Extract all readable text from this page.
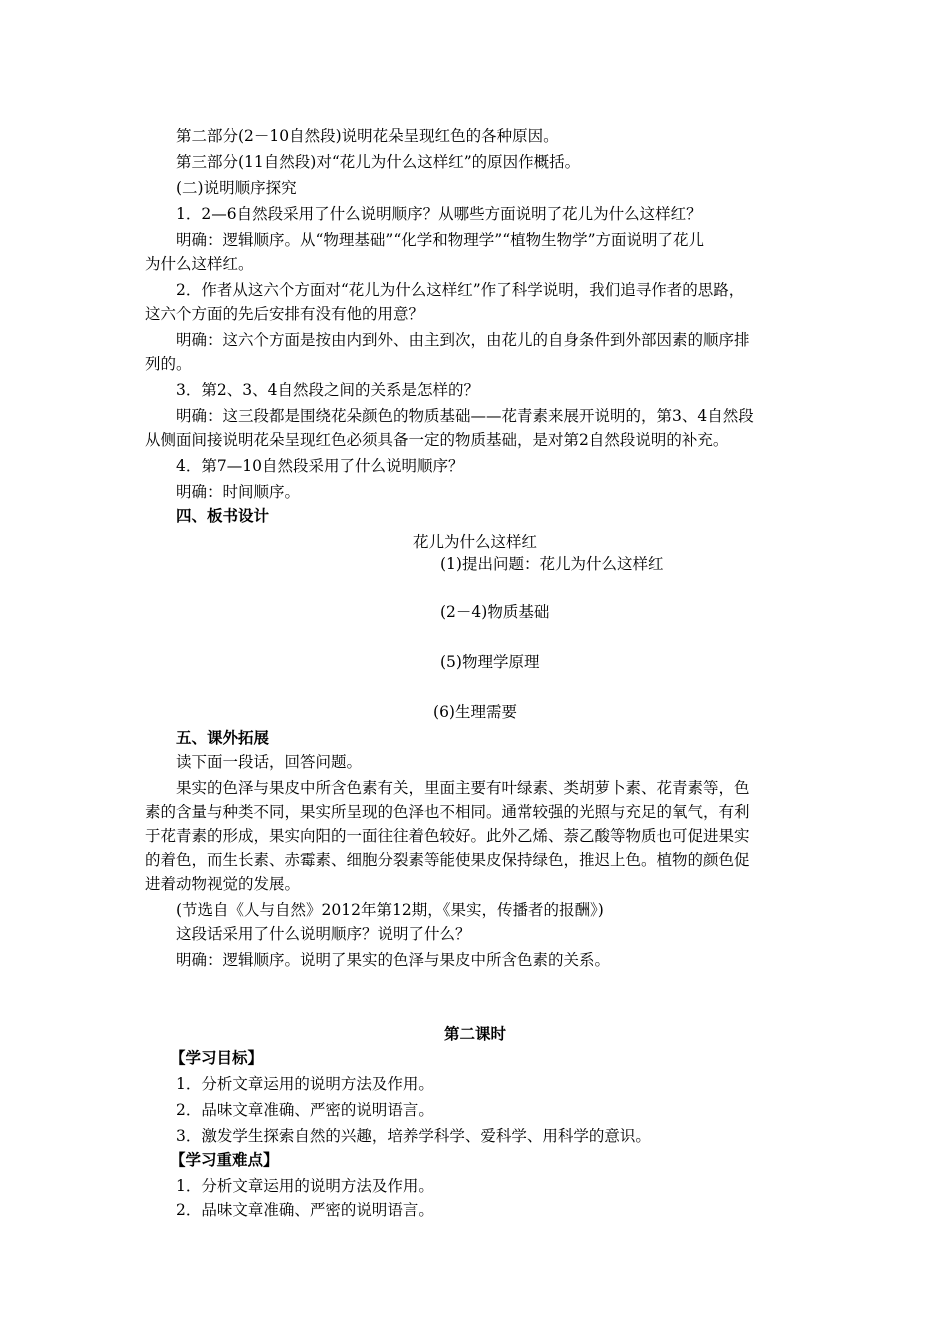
第二部分(2－10自然段)说明花朵呈现红色的各种原因。
第三部分(11自然段)对“花儿为什么这样红”的原因作概括。
(二)说明顺序探究
1．2—6自然段采用了什么说明顺序？从哪些方面说明了花儿为什么这样红？
明确：逻辑顺序。从“物理基础”“化学和物理学”“植物生物学”方面说明了花儿
为什么这样红。
2．作者从这六个方面对“花儿为什么这样红”作了科学说明，我们追寻作者的思路，
这六个方面的先后安排有没有他的用意？
明确：这六个方面是按由内到外、由主到次，由花儿的自身条件到外部因素的顺序排
列的。
3．第2、3、4自然段之间的关系是怎样的？
明确：这三段都是围绕花朵颜色的物质基础——花青素来展开说明的，第3、4自然段
从侧面间接说明花朵呈现红色必须具备一定的物质基础，是对第2自然段说明的补充。
4．第7—10自然段采用了什么说明顺序？
明确：时间顺序。
四、板书设计
花儿为什么这样红
(1)提出问题：花儿为什么这样红
(2－4)物质基础
(5)物理学原理
(6)生理需要
五、课外拓展
读下面一段话，回答问题。
果实的色泽与果皮中所含色素有关，里面主要有叶绿素、类胡萝卜素、花青素等，色
素的含量与种类不同，果实所呈现的色泽也不相同。通常较强的光照与充足的氧气，有利
于花青素的形成，果实向阳的一面往往着色较好。此外乙烯、萘乙酸等物质也可促进果实
的着色，而生长素、赤霉素、细胞分裂素等能使果皮保持绿色，推迟上色。植物的颜色促
进着动物视觉的发展。
(节选自《人与自然》2012年第12期，《果实，传播者的报酬》)
这段话采用了什么说明顺序？说明了什么？
明确：逻辑顺序。说明了果实的色泽与果皮中所含色素的关系。
第二课时
【学习目标】
1．分析文章运用的说明方法及作用。
2．品味文章准确、严密的说明语言。
3．激发学生探索自然的兴趣，培养学科学、爱科学、用科学的意识。
【学习重难点】
1．分析文章运用的说明方法及作用。
2．品味文章准确、严密的说明语言。
